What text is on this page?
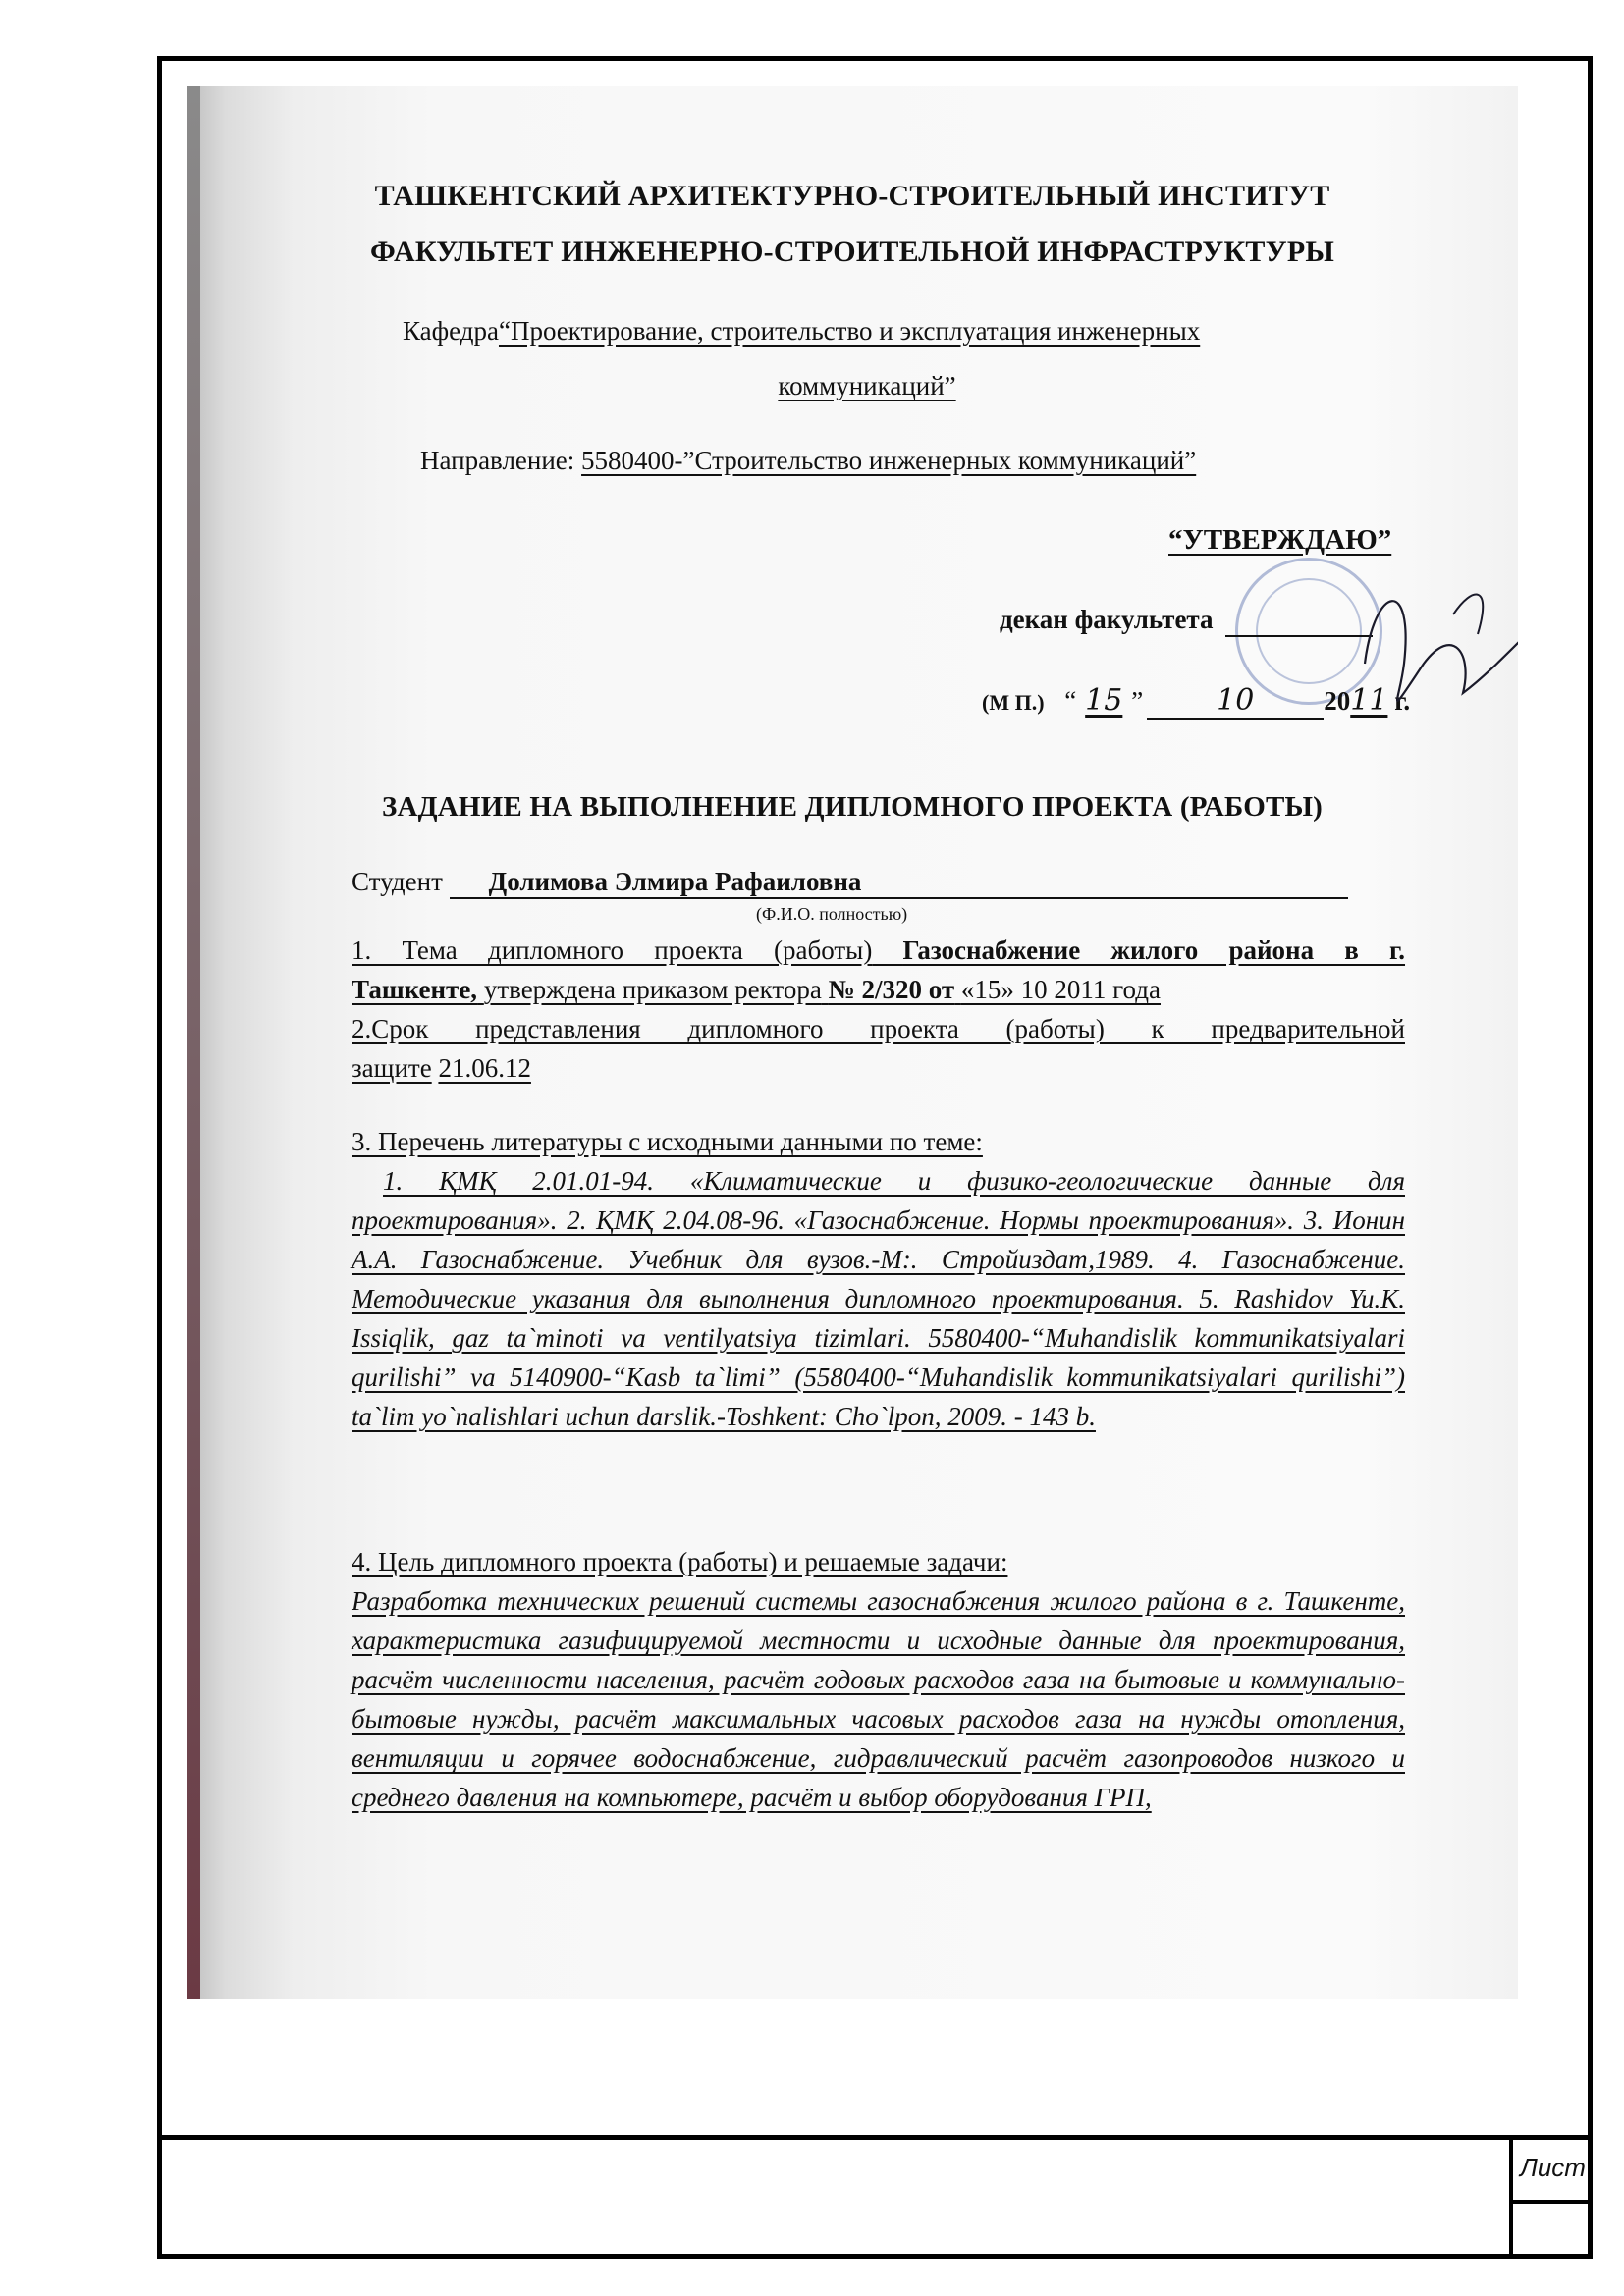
Лист
ТАШКЕНТСКИЙ АРХИТЕКТУРНО-СТРОИТЕЛЬНЫЙ ИНСТИТУТ
ФАКУЛЬТЕТ ИНЖЕНЕРНО-СТРОИТЕЛЬНОЙ ИНФРАСТРУКТУРЫ
Кафедра“Проектирование, строительство и эксплуатация инженерных
коммуникаций”
Направление: 5580400-”Строительство инженерных коммуникаций”
“УТВЕРЖДАЮ”
декан факультета
(М П.) “ 15 ” 10	2011 г.
ЗАДАНИЕ НА ВЫПОЛНЕНИЕ ДИПЛОМНОГО ПРОЕКТА (РАБОТЫ)
Студент Долимова Элмира Рафаиловна
(Ф.И.О. полностью)
1. Тема дипломного проекта (работы) Газоснабжение жилого района в г.
Ташкенте, утверждена приказом ректора № 2/320 от «15» 10 2011 года
2.Срок представления дипломного проекта (работы) к предварительной
защите 21.06.12
3. Перечень литературы с исходными данными по теме:
1. ҚМҚ 2.01.01-94. «Климатические и физико-геологические данные для проектирования». 2. ҚМҚ 2.04.08-96. «Газоснабжение. Нормы проектирования». 3. Ионин А.А. Газоснабжение. Учебник для вузов.-М:. Стройиздат,1989. 4. Газоснабжение. Методические указания для выполнения дипломного проектирования. 5. Rashidov Yu.K. Issiqlik, gaz ta`minoti va ventilyatsiya tizimlari. 5580400-“Muhandislik kommunikatsiyalari qurilishi” va 5140900-“Kasb ta`limi” (5580400-“Muhandislik kommunikatsiyalari qurilishi”) ta`lim yo`nalishlari uchun darslik.-Toshkent: Cho`lpon, 2009. - 143 b.
4. Цель дипломного проекта (работы) и решаемые задачи:
Разработка технических решений системы газоснабжения жилого района в г. Ташкенте, характеристика газифицируемой местности и исходные данные для проектирования, расчёт численности населения, расчёт годовых расходов газа на бытовые и коммунально-бытовые нужды, расчёт максимальных часовых расходов газа на нужды отопления, вентиляции и горячее водоснабжение, гидравлический расчёт газопроводов низкого и среднего давления на компьютере, расчёт и выбор оборудования ГРП,
